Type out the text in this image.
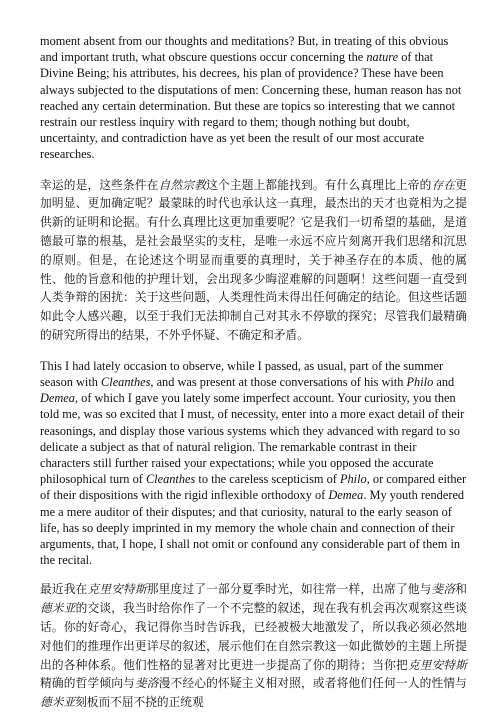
moment absent from our thoughts and meditations? But, in treating of this obvious and important truth, what obscure questions occur concerning the nature of that Divine Being; his attributes, his decrees, his plan of providence? These have been always subjected to the disputations of men: Concerning these, human reason has not reached any certain determination. But these are topics so interesting that we cannot restrain our restless inquiry with regard to them; though nothing but doubt, uncertainty, and contradiction have as yet been the result of our most accurate researches.

幸运的是，这些条件在自然宗教这个主题上都能找到。有什么真理比上帝的存在更加明显、更加确定呢？最蒙昧的时代也承认这一真理，最杰出的天才也竟相为之提供新的证明和论据。有什么真理比这更加重要呢？它是我们一切希望的基础，是道德最可靠的根基，是社会最坚实的支柱，是唯一永远不应片刻离开我们思绪和沉思的原则。但是，在论述这个明显而重要的真理时，关于神圣存在的本质、他的属性、他的旨意和他的护理计划，会出现多少晦涩难解的问题啊！这些问题一直受到人类争辩的困扰：关于这些问题，人类理性尚未得出任何确定的结论。但这些话题如此令人感兴趣，以至于我们无法抑制自己对其永不停歇的探究；尽管我们最精确的研究所得出的结果，不外乎怀疑、不确定和矛盾。

This I had lately occasion to observe, while I passed, as usual, part of the summer season with Cleanthes, and was present at those conversations of his with Philo and Demea, of which I gave you lately some imperfect account. Your curiosity, you then told me, was so excited that I must, of necessity, enter into a more exact detail of their reasonings, and display those various systems which they advanced with regard to so delicate a subject as that of natural religion. The remarkable contrast in their characters still further raised your expectations; while you opposed the accurate philosophical turn of Cleanthes to the careless scepticism of Philo, or compared either of their dispositions with the rigid inflexible orthodoxy of Demea. My youth rendered me a mere auditor of their disputes; and that curiosity, natural to the early season of life, has so deeply imprinted in my memory the whole chain and connection of their arguments, that, I hope, I shall not omit or confound any considerable part of them in the recital.

最近我在克里安特斯那里度过了一部分夏季时光，如往常一样，出席了他与斐洛和德米亚的交谈，我当时给你作了一个不完整的叙述，现在我有机会再次观察这些谈话。你的好奇心，我记得你当时告诉我，已经被极大地激发了，所以我必须必然地对他们的推理作出更详尽的叙述，展示他们在自然宗教这一如此微妙的主题上所提出的各种体系。他们性格的显著对比更进一步提高了你的期待；当你把克里安特斯精确的哲学倾向与斐洛漫不经心的怀疑主义相对照，或者将他们任何一人的性情与德米亚刻板而不屈不挠的正统观
